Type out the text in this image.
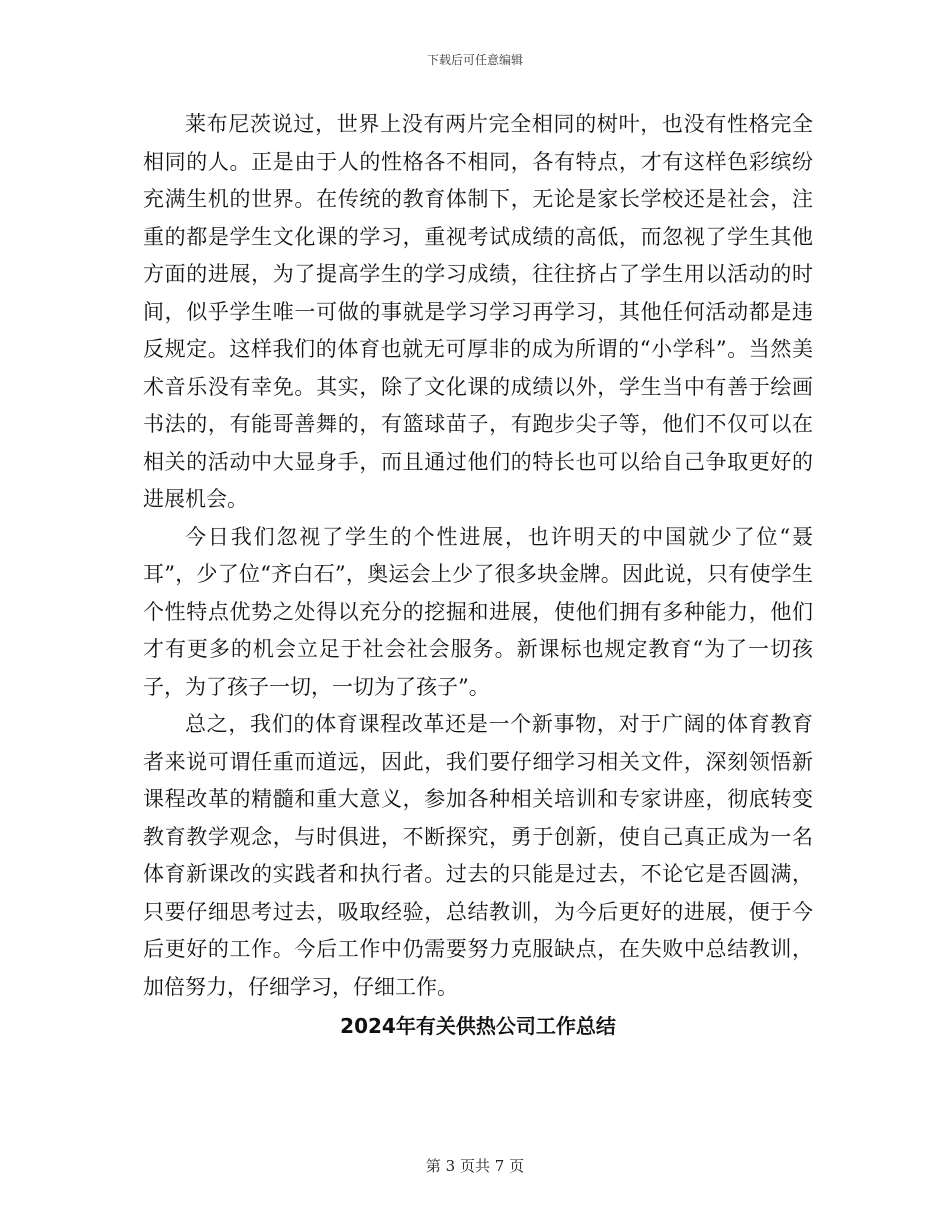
下载后可任意编辑

莱布尼茨说过，世界上没有两片完全相同的树叶，也没有性格完全相同的人。正是由于人的性格各不相同，各有特点，才有这样色彩缤纷充满生机的世界。在传统的教育体制下，无论是家长学校还是社会，注重的都是学生文化课的学习，重视考试成绩的高低，而忽视了学生其他方面的进展，为了提高学生的学习成绩，往往挤占了学生用以活动的时间，似乎学生唯一可做的事就是学习学习再学习，其他任何活动都是违反规定。这样我们的体育也就无可厚非的成为所谓的“小学科”。当然美术音乐没有幸免。其实，除了文化课的成绩以外，学生当中有善于绘画书法的，有能哥善舞的，有篮球苗子，有跑步尖子等，他们不仅可以在相关的活动中大显身手，而且通过他们的特长也可以给自己争取更好的进展机会。

今日我们忽视了学生的个性进展，也许明天的中国就少了位“聂耳”，少了位“齐白石”，奥运会上少了很多块金牌。因此说，只有使学生个性特点优势之处得以充分的挖掘和进展，使他们拥有多种能力，他们才有更多的机会立足于社会社会服务。新课标也规定教育“为了一切孩子，为了孩子一切，一切为了孩子”。

总之，我们的体育课程改革还是一个新事物，对于广阔的体育教育者来说可谓任重而道远，因此，我们要仔细学习相关文件，深刻领悟新课程改革的精髓和重大意义，参加各种相关培训和专家讲座，彻底转变教育教学观念，与时俱进，不断探究，勇于创新，使自己真正成为一名体育新课改的实践者和执行者。过去的只能是过去，不论它是否圆满，只要仔细思考过去，吸取经验，总结教训，为今后更好的进展，便于今后更好的工作。今后工作中仍需要努力克服缺点，在失败中总结教训，加倍努力，仔细学习，仔细工作。

2024年有关供热公司工作总结
第 3 页共 7 页
